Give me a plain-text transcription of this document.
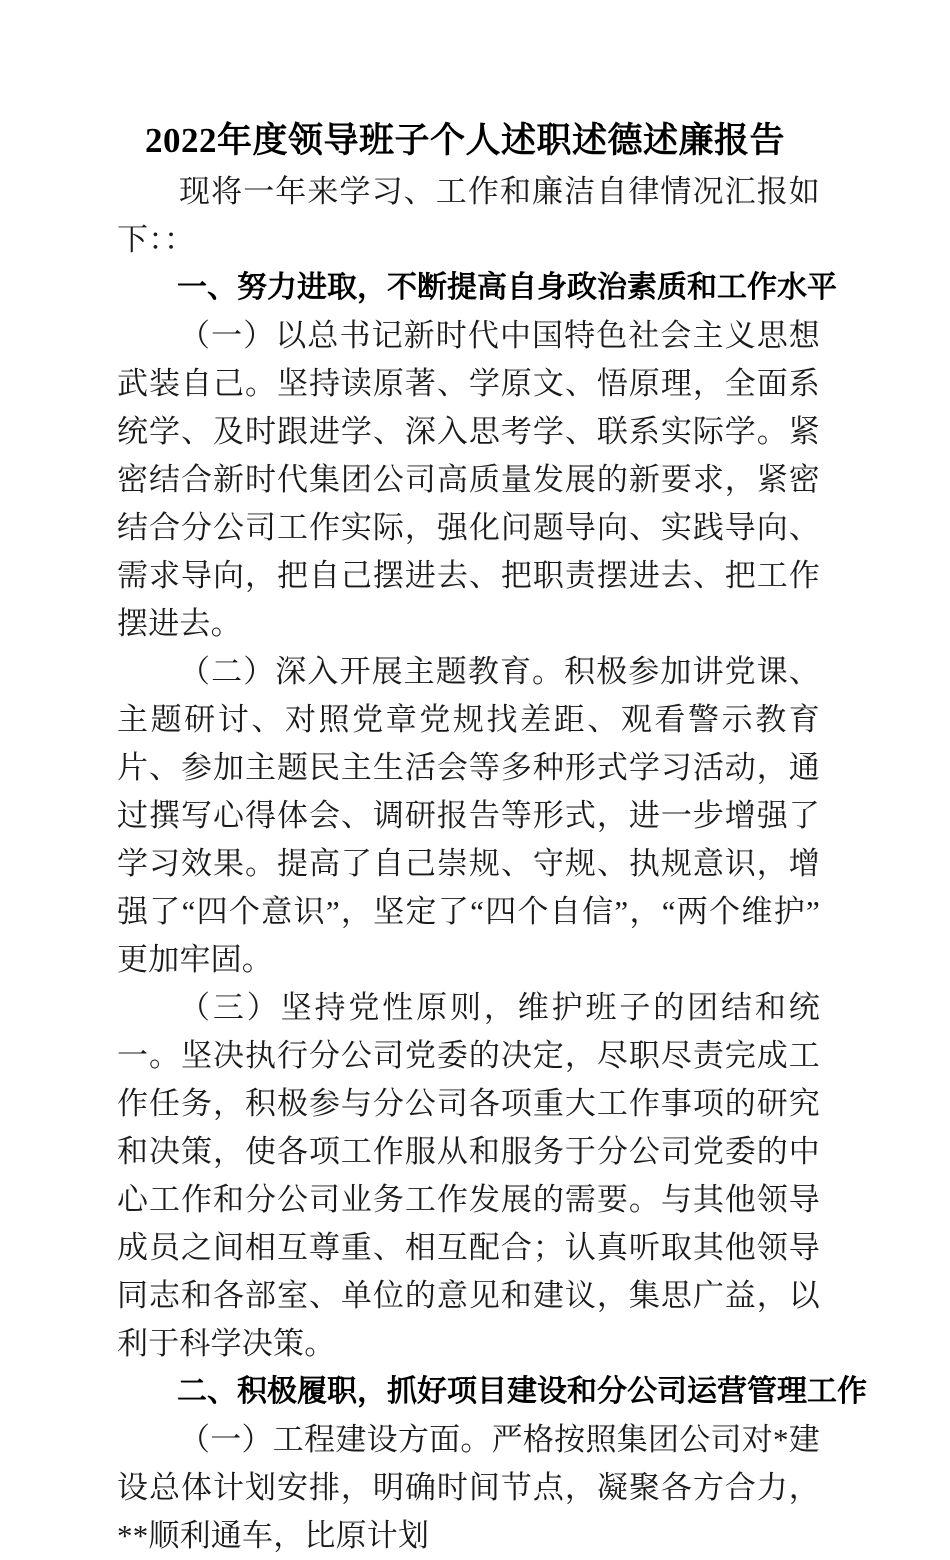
2022年度领导班子个人述职述德述廉报告

现将一年来学习、工作和廉洁自律情况汇报如下：：

一、努力进取，不断提高自身政治素质和工作水平

（一）以总书记新时代中国特色社会主义思想武装自己。坚持读原著、学原文、悟原理，全面系统学、及时跟进学、深入思考学、联系实际学。紧密结合新时代集团公司高质量发展的新要求，紧密结合分公司工作实际，强化问题导向、实践导向、需求导向，把自己摆进去、把职责摆进去、把工作摆进去。

（二）深入开展主题教育。积极参加讲党课、主题研讨、对照党章党规找差距、观看警示教育片、参加主题民主生活会等多种形式学习活动，通过撰写心得体会、调研报告等形式，进一步增强了学习效果。提高了自己崇规、守规、执规意识，增强了“四个意识”，坚定了“四个自信”，“两个维护”更加牢固。

（三）坚持党性原则，维护班子的团结和统一。坚决执行分公司党委的决定，尽职尽责完成工作任务，积极参与分公司各项重大工作事项的研究和决策，使各项工作服从和服务于分公司党委的中心工作和分公司业务工作发展的需要。与其他领导成员之间相互尊重、相互配合；认真听取其他领导同志和各部室、单位的意见和建议，集思广益，以利于科学决策。

二、积极履职，抓好项目建设和分公司运营管理工作

（一）工程建设方面。严格按照集团公司对*建设总体计划安排，明确时间节点，凝聚各方合力，**顺利通车，比原计划
